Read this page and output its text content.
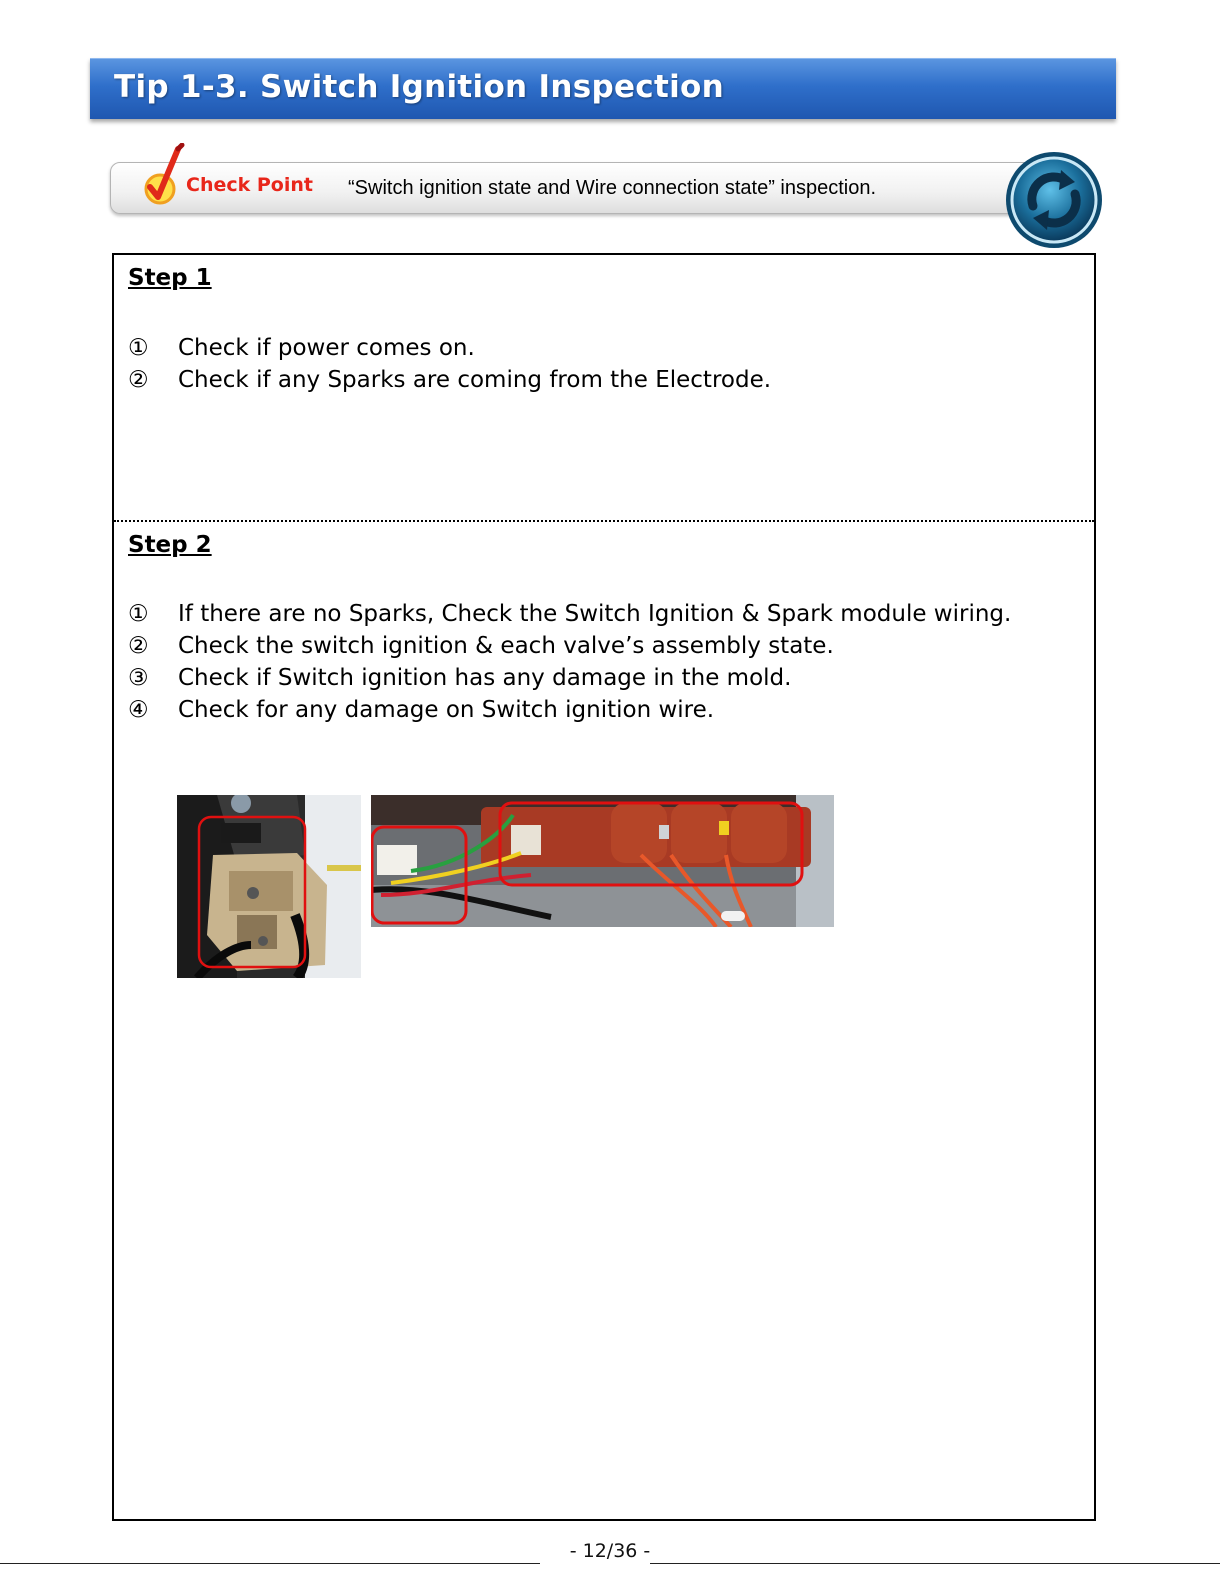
Tip 1-3. Switch Ignition Inspection
Check Point “Switch ignition state and Wire connection state” inspection.
Step 1
① Check if power comes on.
② Check if any Sparks are coming from the Electrode.
Step 2
① If there are no Sparks, Check the Switch Ignition & Spark module wiring.
② Check the switch ignition & each valve’s assembly state.
③ Check if Switch ignition has any damage in the mold.
④ Check for any damage on Switch ignition wire.
- 12/36 -
